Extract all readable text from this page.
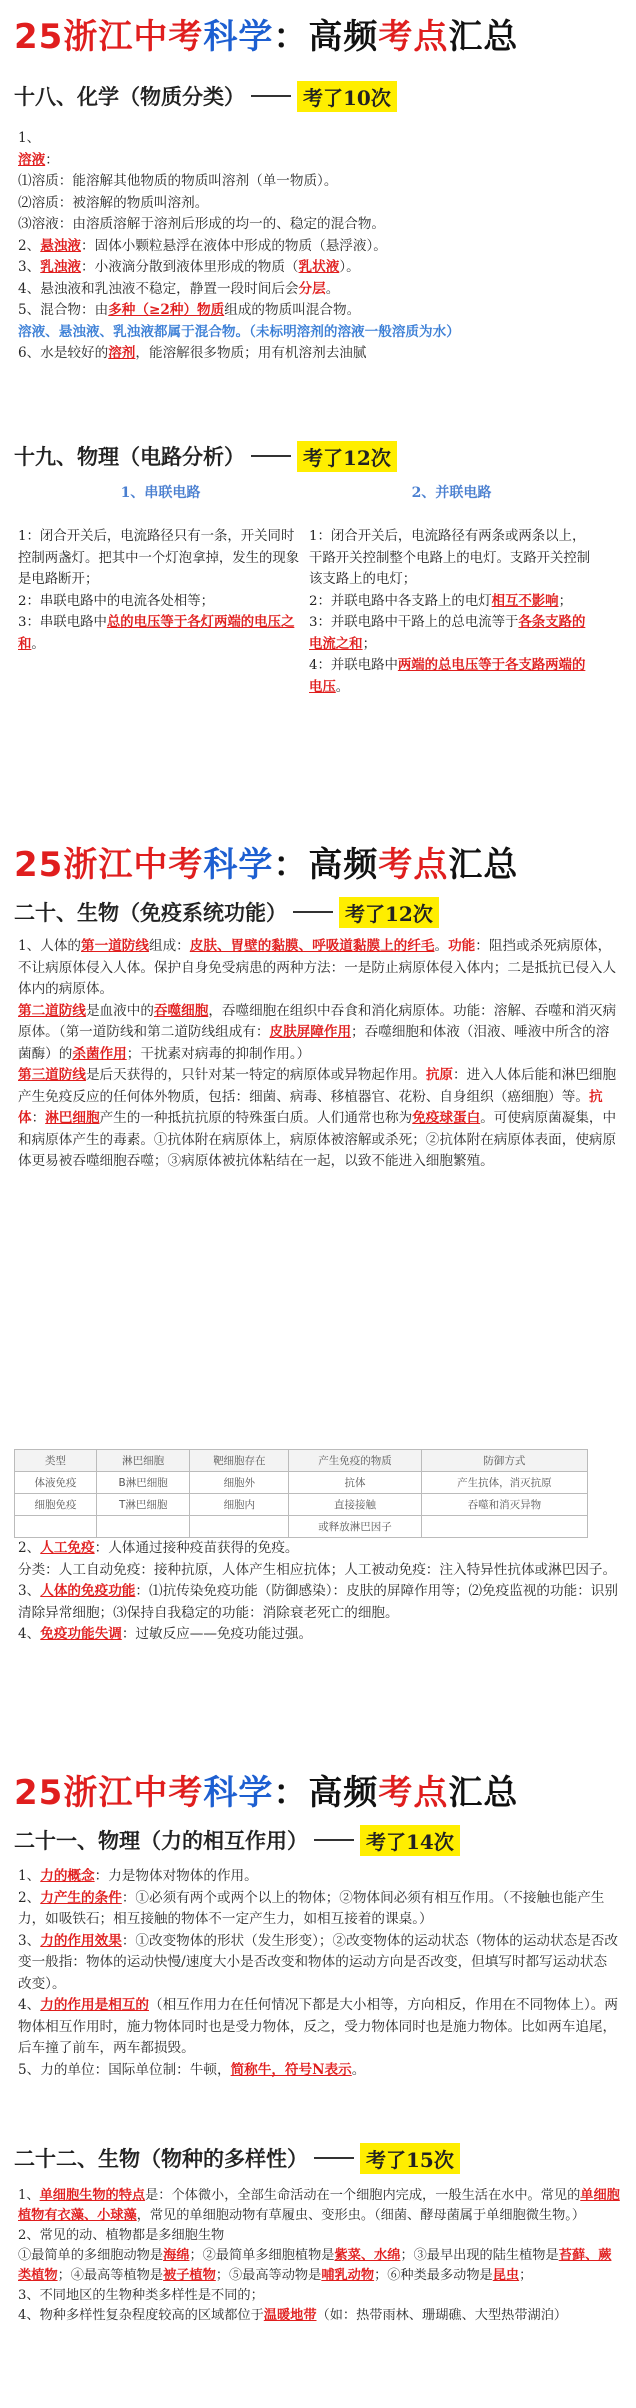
25浙江 中考 科学 ：高频 考点 汇总
十八、化学（物质分类）	考了10次

1、

溶液：

⑴溶质：能溶解其他物质的物质叫溶剂（单一物质）。

⑵溶质：被溶解的物质叫溶剂。

⑶溶液：由溶质溶解于溶剂后形成的均一的、稳定的混合物。

2、悬浊液：固体小颗粒悬浮在液体中形成的物质（悬浮液）。

3、乳浊液：小液滴分散到液体里形成的物质（乳状液）。

4、悬浊液和乳浊液不稳定，静置一段时间后会分层。

5、混合物：由多种（≥2种）物质组成的物质叫混合物。

溶液、悬浊液、乳浊液都属于混合物。（未标明溶剂的溶液一般溶质为水）

6、水是较好的溶剂，能溶解很多物质；用有机溶剂去油腻

十九、物理（电路分析）	考了12次
1、串联电路

1：闭合开关后，电流路径只有一条，开关同时控制两盏灯。把其中一个灯泡拿掉，发生的现象是电路断开；

2：串联电路中的电流各处相等；

3：串联电路中总的电压等于各灯两端的电压之和。

2、并联电路

1：闭合开关后，电流路径有两条或两条以上，干路开关控制整个电路上的电灯。支路开关控制该支路上的电灯；

2：并联电路中各支路上的电灯相互不影响；

3：并联电路中干路上的总电流等于各条支路的电流之和；

4：并联电路中两端的总电压等于各支路两端的电压。

25浙江 中考 科学 ：高频 考点 汇总
二十、生物（免疫系统功能）	考了12次

1、人体的第一道防线组成：皮肤、胃壁的黏膜、呼吸道黏膜上的纤毛。功能：阻挡或杀死病原体，不让病原体侵入人体。保护自身免受病患的两种方法：一是防止病原体侵入体内；二是抵抗已侵入人体内的病原体。

第二道防线是血液中的吞噬细胞，吞噬细胞在组织中吞食和消化病原体。功能：溶解、吞噬和消灭病原体。（第一道防线和第二道防线组成有：皮肤屏障作用；吞噬细胞和体液（泪液、唾液中所含的溶菌酶）的杀菌作用；干扰素对病毒的抑制作用。）

第三道防线是后天获得的，只针对某一特定的病原体或异物起作用。抗原：进入人体后能和淋巴细胞产生免疫反应的任何体外物质，包括：细菌、病毒、移植器官、花粉、自身组织（癌细胞）等。抗体：淋巴细胞产生的一种抵抗抗原的特殊蛋白质。人们通常也称为免疫球蛋白。可使病原菌凝集，中和病原体产生的毒素。①抗体附在病原体上，病原体被溶解或杀死；②抗体附在病原体表面，使病原体更易被吞噬细胞吞噬；③病原体被抗体粘结在一起，以致不能进入细胞繁殖。

类型	淋巴细胞	靶细胞存在	产生免疫的物质	防御方式
体液免疫	B淋巴细胞	细胞外	抗体	产生抗体，消灭抗原
细胞免疫	T淋巴细胞	细胞内	直接接触	吞噬和消灭异物
			或释放淋巴因子	

2、人工免疫：人体通过接种疫苗获得的免疫。

分类：人工自动免疫：接种抗原，人体产生相应抗体；人工被动免疫：注入特异性抗体或淋巴因子。

3、人体的免疫功能：⑴抗传染免疫功能（防御感染）：皮肤的屏障作用等；⑵免疫监视的功能：识别清除异常细胞；⑶保持自我稳定的功能：消除衰老死亡的细胞。

4、免疫功能失调：过敏反应——免疫功能过强。

25浙江 中考 科学 ：高频 考点 汇总
二十一、物理（力的相互作用）	考了14次

1、力的概念：力是物体对物体的作用。

2、力产生的条件：①必须有两个或两个以上的物体；②物体间必须有相互作用。（不接触也能产生力，如吸铁石；相互接触的物体不一定产生力，如相互接着的课桌。）

3、力的作用效果：①改变物体的形状（发生形变）；②改变物体的运动状态（物体的运动状态是否改变一般指：物体的运动快慢/速度大小是否改变和物体的运动方向是否改变，但填写时都写运动状态改变）。

4、力的作用是相互的（相互作用力在任何情况下都是大小相等，方向相反，作用在不同物体上）。两物体相互作用时，施力物体同时也是受力物体，反之，受力物体同时也是施力物体。比如两车追尾，后车撞了前车，两车都损毁。

5、力的单位：国际单位制：牛顿，简称牛，符号N表示。

二十二、生物（物种的多样性）	考了15次

1、单细胞生物的特点是：个体微小，全部生命活动在一个细胞内完成，一般生活在水中。常见的单细胞植物有衣藻、小球藻，常见的单细胞动物有草履虫、变形虫。（细菌、酵母菌属于单细胞微生物。）

2、常见的动、植物都是多细胞生物

①最简单的多细胞动物是海绵；②最简单多细胞植物是紫菜、水绵；③最早出现的陆生植物是苔藓、蕨类植物；④最高等植物是被子植物；⑤最高等动物是哺乳动物；⑥种类最多动物是昆虫；

3、不同地区的生物种类多样性是不同的；

4、物种多样性复杂程度较高的区域都位于温暖地带（如：热带雨林、珊瑚礁、大型热带湖泊）
